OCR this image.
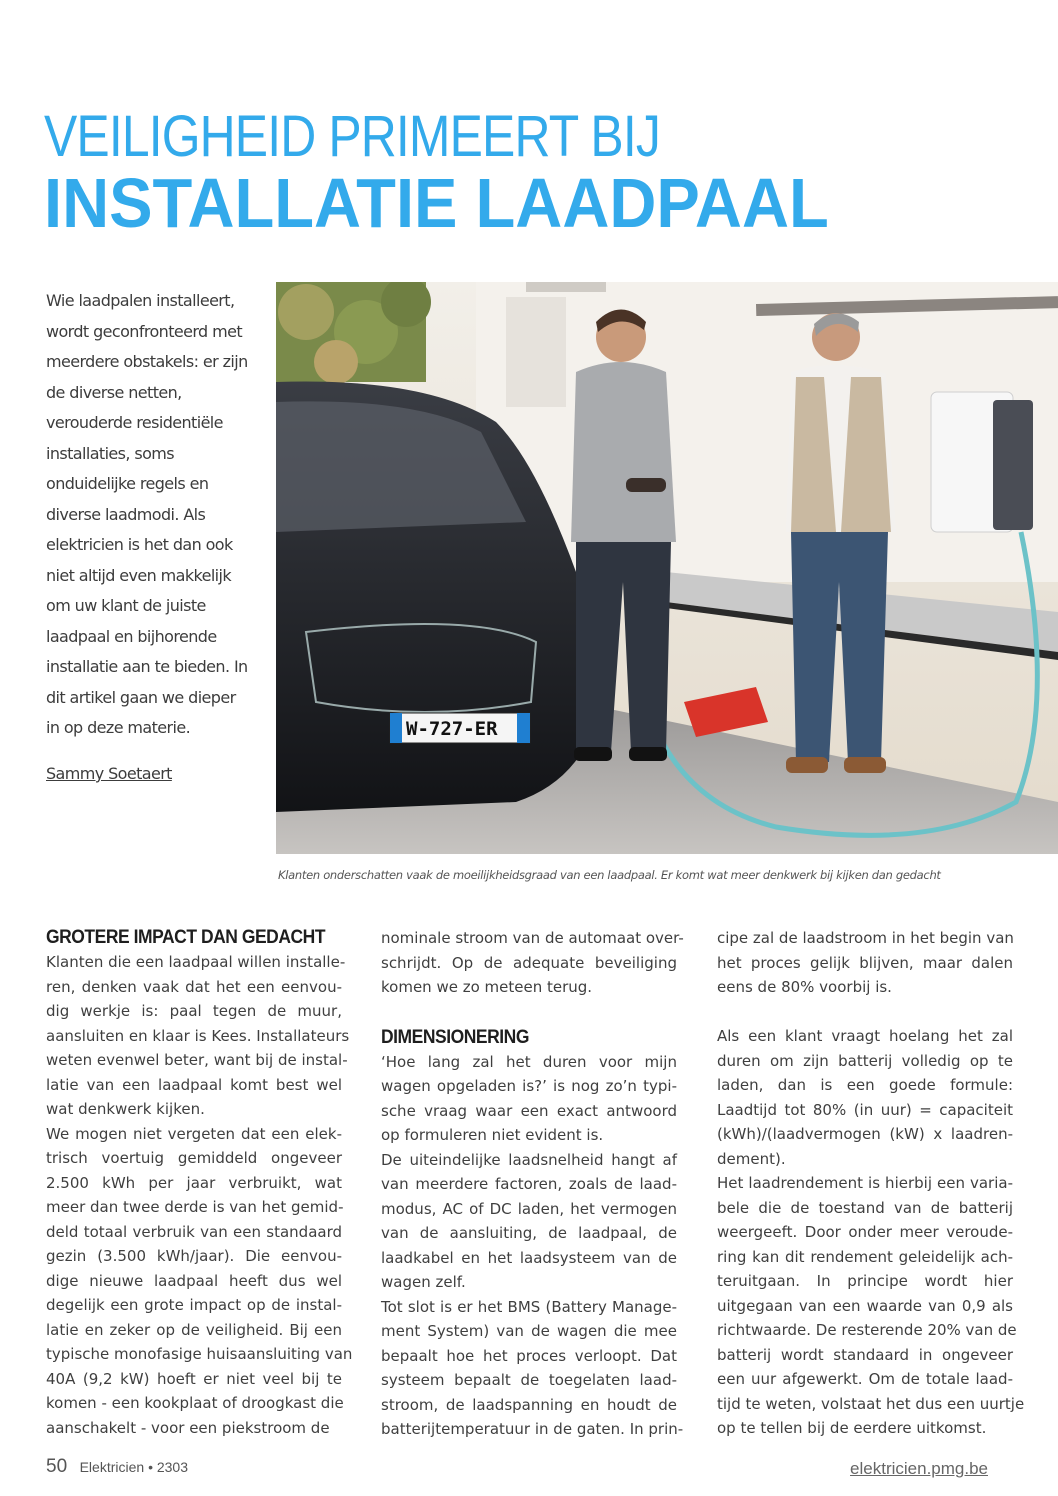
VEILIGHEID PRIMEERT BIJ
INSTALLATIE LAADPAAL
Wie laadpalen installeert,
wordt geconfronteerd met
meerdere obstakels: er zijn
de diverse netten,
verouderde residentiële
installaties, soms
onduidelijke regels en
diverse laadmodi. Als
elektricien is het dan ook
niet altijd even makkelijk
om uw klant de juiste
laadpaal en bijhorende
installatie aan te bieden. In
dit artikel gaan we dieper
in op deze materie.
Sammy Soetaert
W-727-ER

Klanten onderschatten vaak de moeilijkheidsgraad van een laadpaal. Er komt wat meer denkwerk bij kijken dan gedacht

GROTERE IMPACT DAN GEDACHT

Klanten die een laadpaal willen installe-
ren, denken vaak dat het een eenvou-
dig werkje is: paal tegen de muur,
aansluiten en klaar is Kees. Installateurs
weten evenwel beter, want bij de instal-
latie van een laadpaal komt best wel
wat denkwerk kijken.

We mogen niet vergeten dat een elek-
trisch voertuig gemiddeld ongeveer
2.500 kWh per jaar verbruikt, wat
meer dan twee derde is van het gemid-
deld totaal verbruik van een standaard
gezin (3.500 kWh/jaar). Die eenvou-
dige nieuwe laadpaal heeft dus wel
degelijk een grote impact op de instal-
latie en zeker op de veiligheid. Bij een
typische monofasige huisaansluiting van
40A (9,2 kW) hoeft er niet veel bij te
komen - een kookplaat of droogkast die
aanschakelt - voor een piekstroom de

nominale stroom van de automaat over-
schrijdt. Op de adequate beveiliging
komen we zo meteen terug.

DIMENSIONERING

‘Hoe lang zal het duren voor mijn
wagen opgeladen is?’ is nog zo’n typi-
sche vraag waar een exact antwoord
op formuleren niet evident is.

De uiteindelijke laadsnelheid hangt af
van meerdere factoren, zoals de laad-
modus, AC of DC laden, het vermogen
van de aansluiting, de laadpaal, de
laadkabel en het laadsysteem van de
wagen zelf.

Tot slot is er het BMS (Battery Manage-
ment System) van de wagen die mee
bepaalt hoe het proces verloopt. Dat
systeem bepaalt de toegelaten laad-
stroom, de laadspanning en houdt de
batterijtemperatuur in de gaten. In prin-

cipe zal de laadstroom in het begin van
het proces gelijk blijven, maar dalen
eens de 80% voorbij is.

Als een klant vraagt hoelang het zal
duren om zijn batterij volledig op te
laden, dan is een goede formule:
Laadtijd tot 80% (in uur) = capaciteit
(kWh)/(laadvermogen (kW) x laadren-
dement).

Het laadrendement is hierbij een varia-
bele die de toestand van de batterij
weergeeft. Door onder meer veroude-
ring kan dit rendement geleidelijk ach-
teruitgaan. In principe wordt hier
uitgegaan van een waarde van 0,9 als
richtwaarde. De resterende 20% van de
batterij wordt standaard in ongeveer
een uur afgewerkt. Om de totale laad-
tijd te weten, volstaat het dus een uurtje
op te tellen bij de eerdere uitkomst.

50 Elektricien • 2303	elektricien.pmg.be
